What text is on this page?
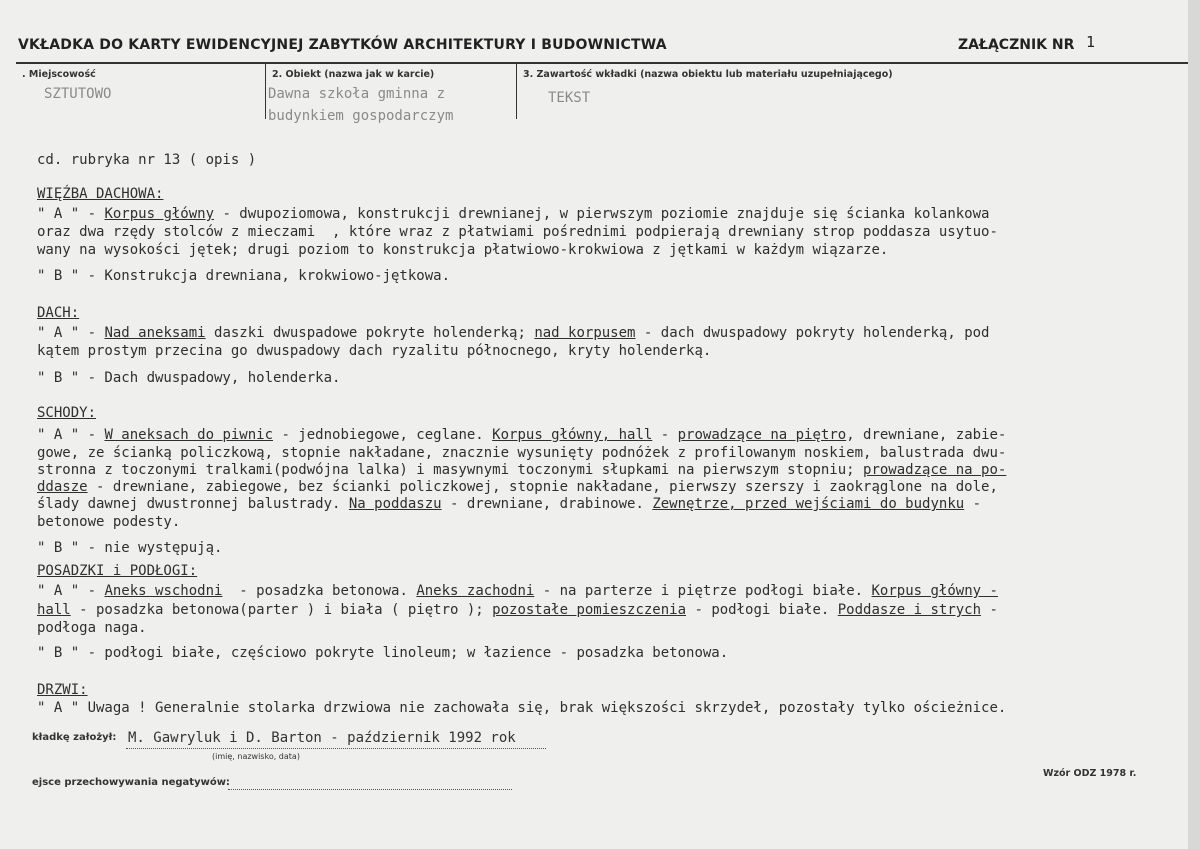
VKŁADKA DO KARTY EWIDENCYJNEJ ZABYTKÓW ARCHITEKTURY I BUDOWNICTWA	ZAŁĄCZNIK NR 1
. Miejscowość
SZTUTOWO
2. Obiekt (nazwa jak w karcie)
Dawna szkoła gminna z
budynkiem gospodarczym
3. Zawartość wkładki (nazwa obiektu lub materiału uzupełniającego)
TEKST
cd. rubryka nr 13 ( opis )
WIĘŹBA DACHOWA:
" A " - Korpus główny - dwupoziomowa, konstrukcji drewnianej, w pierwszym poziomie znajduje się ścianka kolankowa
oraz dwa rzędy stolców z mieczami  , które wraz z płatwiami pośrednimi podpierają drewniany strop poddasza usytuo-
wany na wysokości jętek; drugi poziom to konstrukcja płatwiowo-krokwiowa z jętkami w każdym wiązarze.
" B " - Konstrukcja drewniana, krokwiowo-jętkowa.
DACH:
" A " - Nad aneksami daszki dwuspadowe pokryte holenderką; nad korpusem - dach dwuspadowy pokryty holenderką, pod
kątem prostym przecina go dwuspadowy dach ryzalitu północnego, kryty holenderką.
" B " - Dach dwuspadowy, holenderka.
SCHODY:
" A " - W aneksach do piwnic - jednobiegowe, ceglane. Korpus główny, hall - prowadzące na piętro, drewniane, zabie-
gowe, ze ścianką policzkową, stopnie nakładane, znacznie wysunięty podnóżek z profilowanym noskiem, balustrada dwu-
stronna z toczonymi tralkami(podwójna lalka) i masywnymi toczonymi słupkami na pierwszym stopniu; prowadzące na po-
ddasze - drewniane, zabiegowe, bez ścianki policzkowej, stopnie nakładane, pierwszy szerszy i zaokrąglone na dole,
ślady dawnej dwustronnej balustrady. Na poddaszu - drewniane, drabinowe. Zewnętrze, przed wejściami do budynku -
betonowe podesty.
" B " - nie występują.
POSADZKI i PODŁOGI:
" A " - Aneks wschodni  - posadzka betonowa. Aneks zachodni - na parterze i piętrze podłogi białe. Korpus główny -
hall - posadzka betonowa(parter ) i biała ( piętro ); pozostałe pomieszczenia - podłogi białe. Poddasze i strych -
podłoga naga.
" B " - podłogi białe, częściowo pokryte linoleum; w łazience - posadzka betonowa.
DRZWI:
" A " Uwaga ! Generalnie stolarka drzwiowa nie zachowała się, brak większości skrzydeł, pozostały tylko ościeżnice.
kładkę założył: M. Gawryluk i D. Barton - październik 1992 rok
(imię, nazwisko, data)
ejsce przechowywania negatywów:
Wzór ODZ 1978 r.
